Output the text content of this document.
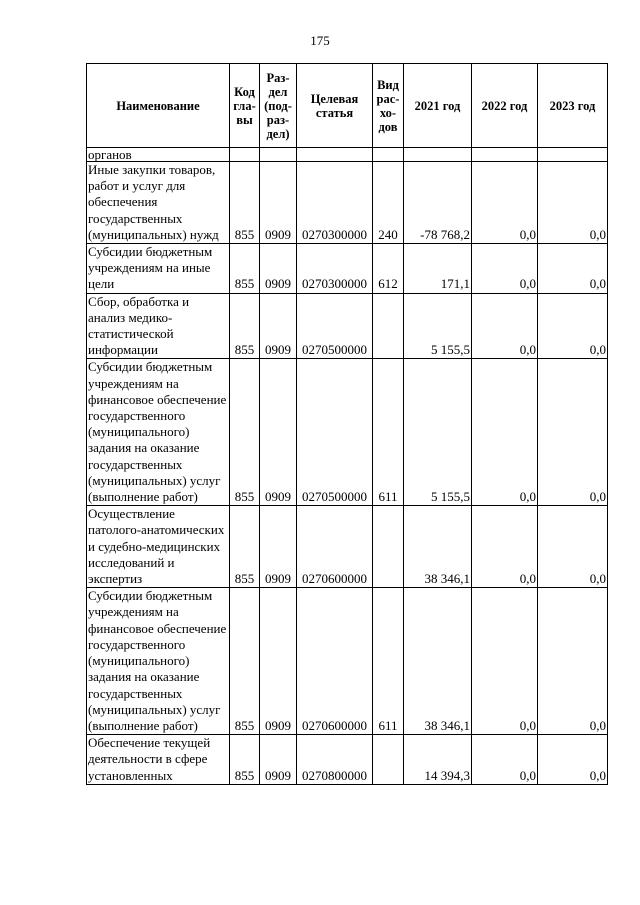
175
Наименование	Код гла- вы	Раз- дел (под- раз- дел)	Целевая статья	Вид рас- хо- дов	2021 год	2022 год	2023 год
органов							
Иные закупки товаров, работ и услуг для обеспечения государственных (муниципальных) нужд	855	0909	0270300000	240	-78 768,2	0,0	0,0
Субсидии бюджетным учреждениям на иные цели	855	0909	0270300000	612	171,1	0,0	0,0
Сбор, обработка и анализ медико-статистической информации	855	0909	0270500000		5 155,5	0,0	0,0
Субсидии бюджетным учреждениям на финансовое обеспечение государственного (муниципального) задания на оказание государственных (муниципальных) услуг (выполнение работ)	855	0909	0270500000	611	5 155,5	0,0	0,0
Осуществление патолого-анатомических и судебно-медицинских исследований и экспертиз	855	0909	0270600000		38 346,1	0,0	0,0
Субсидии бюджетным учреждениям на финансовое обеспечение государственного (муниципального) задания на оказание государственных (муниципальных) услуг (выполнение работ)	855	0909	0270600000	611	38 346,1	0,0	0,0
Обеспечение текущей деятельности в сфере установленных	855	0909	0270800000		14 394,3	0,0	0,0
